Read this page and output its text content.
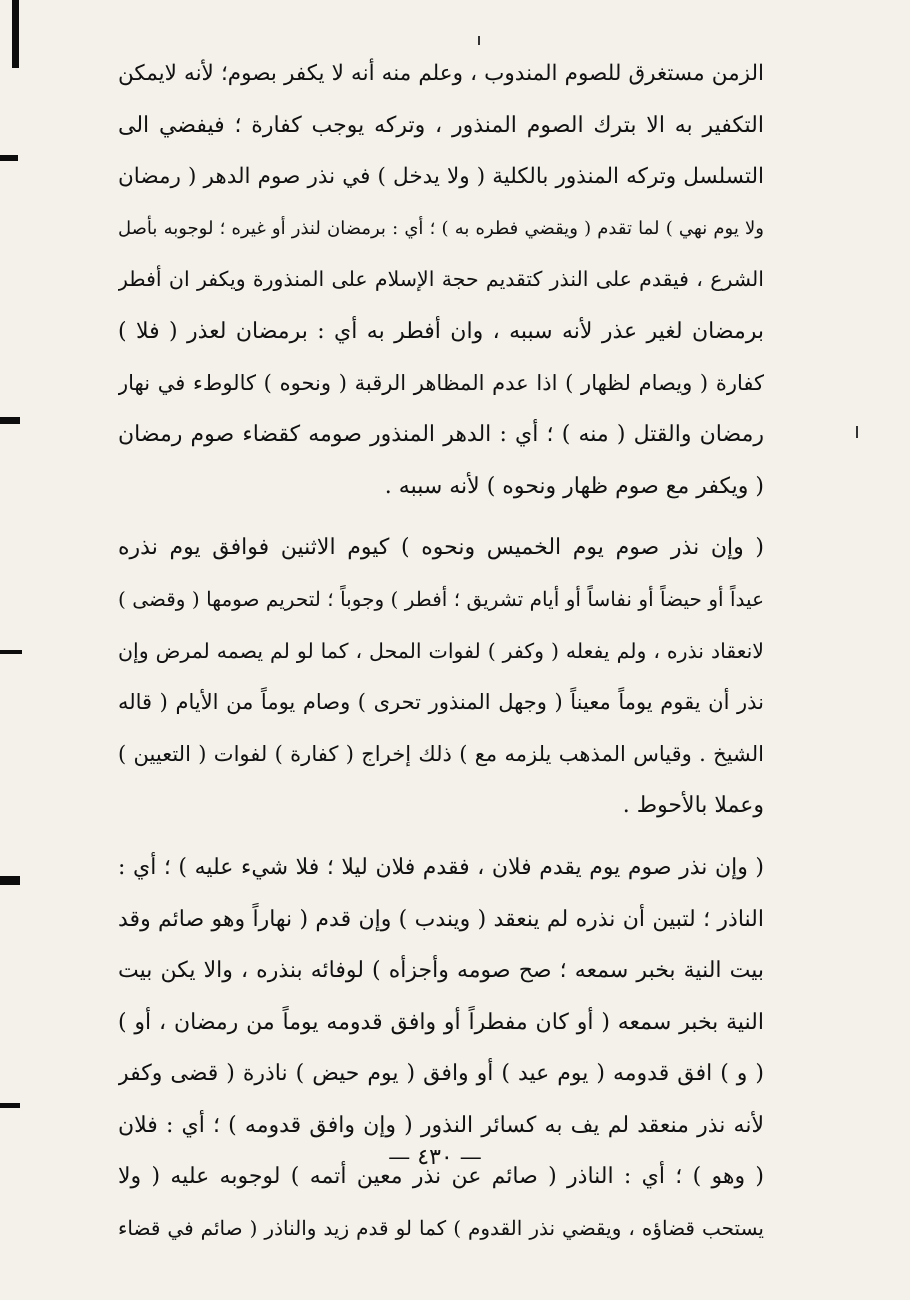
الزمن مستغرق للصوم المندوب ، وعلم منه أنه لا يكفر بصوم؛ لأنه لايمكن
التكفير به الا بترك الصوم المنذور ، وتركه يوجب كفارة ؛ فيفضي الى
التسلسل وتركه المنذور بالكلية ( ولا يدخل ) في نذر صوم الدهر ( رمضان
ولا يوم نهي ) لما تقدم ( ويقضي فطره به ) ؛ أي : برمضان لنذر أو غيره ؛ لوجوبه بأصل
الشرع ، فيقدم على النذر كتقديم حجة الإسلام على المنذورة ويكفر ان أفطر
برمضان لغير عذر لأنه سببه ، وان أفطر به أي : برمضان لعذر ( فلا )
كفارة ( ويصام لظهار ) اذا عدم المظاهر الرقبة ( ونحوه ) كالوطء في نهار
رمضان والقتل ( منه ) ؛ أي : الدهر المنذور صومه كقضاء صوم رمضان
( ويكفر مع صوم ظهار ونحوه ) لأنه سببه .
( وإن نذر صوم يوم الخميس ونحوه ) كيوم الاثنين فوافق يوم نذره
عيداً أو حيضاً أو نفاساً أو أيام تشريق ؛ أفطر ) وجوباً ؛ لتحريم صومها ( وقضى )
لانعقاد نذره ، ولم يفعله ( وكفر ) لفوات المحل ، كما لو لم يصمه لمرض وإن
نذر أن يقوم يوماً معيناً ( وجهل المنذور تحرى ) وصام يوماً من الأيام ( قاله
الشيخ . وقياس المذهب يلزمه مع ) ذلك إخراج ( كفارة ) لفوات ( التعيين )
وعملا بالأحوط .
( وإن نذر صوم يوم يقدم فلان ، فقدم فلان ليلا ؛ فلا شيء عليه ) ؛ أي :
الناذر ؛ لتبين أن نذره لم ينعقد ( ويندب ) وإن قدم ( نهاراً وهو صائم وقد
بيت النية بخبر سمعه ؛ صح صومه وأجزأه ) لوفائه بنذره ، والا يكن بيت
النية بخبر سمعه ( أو كان مفطراً أو وافق قدومه يوماً من رمضان ، أو )
( و ) افق قدومه ( يوم عيد ) أو وافق ( يوم حيض ) ناذرة ( قضى وكفر
لأنه نذر منعقد لم يف به كسائر النذور ( وإن وافق قدومه ) ؛ أي : فلان
( وهو ) ؛ أي : الناذر ( صائم عن نذر معين أتمه ) لوجوبه عليه ( ولا
يستحب قضاؤه ، ويقضي نذر القدوم ) كما لو قدم زيد والناذر ( صائم في قضاء
— ٤٣٠ —
